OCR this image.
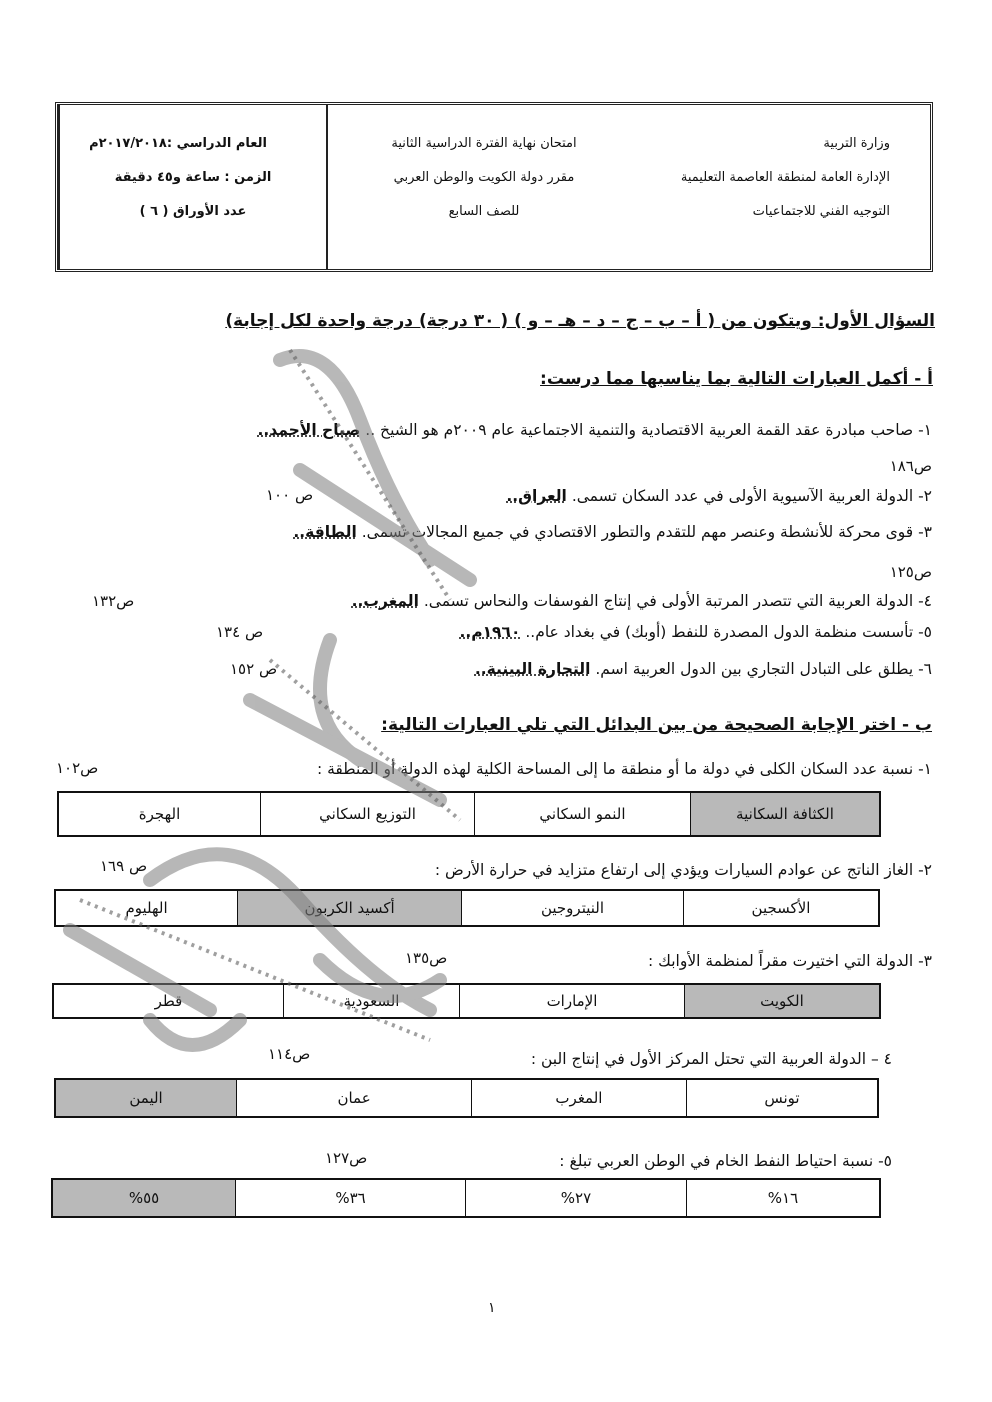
وزارة التربية
الإدارة العامة لمنطقة العاصمة التعليمية
التوجيه الفني للاجتماعيات
امتحان نهاية الفترة الدراسية الثانية
مقرر دولة الكويت والوطن العربي
للصف السابع
العام الدراسي :٢٠١٧/٢٠١٨م
الزمن : ساعة و٤٥ دقيقة
عدد الأوراق ( ٦ )
السؤال الأول: ويتكون من ( أ – ب – ج – د – هـ – و ) ( ٣٠ درجة) درجة واحدة لكل إجابة)
أ - أكمل العبارات التالية بما يناسبها مما درست:
١- صاحب مبادرة عقد القمة العربية الاقتصادية والتنمية الاجتماعية عام ٢٠٠٩م هو الشيخ .. صباح الأحمد..
ص١٨٦
٢- الدولة العربية الآسيوية الأولى في عدد السكان تسمى. العراق..
ص ١٠٠
٣- قوى محركة للأنشطة وعنصر مهم للتقدم والتطور الاقتصادي في جميع المجالات تسمى. الطاقة..
ص١٢٥
٤- الدولة العربية التي تتصدر المرتبة الأولى في إنتاج الفوسفات والنحاس تسمى. المغرب..
ص١٣٢
٥- تأسست منظمة الدول المصدرة للنفط (أوبك) في بغداد عام.. ١٩٦٠م..
ص ١٣٤
٦- يطلق على التبادل التجاري بين الدول العربية اسم. التجارة البينية..
ص ١٥٢
ب - اختر الإجابة الصحيحة من بين البدائل التي تلي العبارات التالية:
١- نسبة عدد السكان الكلى في دولة ما أو منطقة ما إلى المساحة الكلية لهذه الدولة أو المنطقة :
ص١٠٢
الكثافة السكانية
النمو السكاني
التوزيع السكاني
الهجرة
٢- الغاز الناتج عن عوادم السيارات ويؤدي إلى ارتفاع متزايد في حرارة الأرض :
ص ١٦٩
الأكسجين
النيتروجين
أكسيد الكربون
الهليوم
٣- الدولة التي اختيرت مقراً لمنظمة الأوابك :
ص١٣٥
الكويت
الإمارات
السعودية
قطر
٤ – الدولة العربية التي تحتل المركز الأول في إنتاج البن :
ص١١٤
تونس
المغرب
عمان
اليمن
٥- نسبة احتياط النفط الخام في الوطن العربي تبلغ :
ص١٢٧
١٦%
٢٧%
٣٦%
٥٥%
١
